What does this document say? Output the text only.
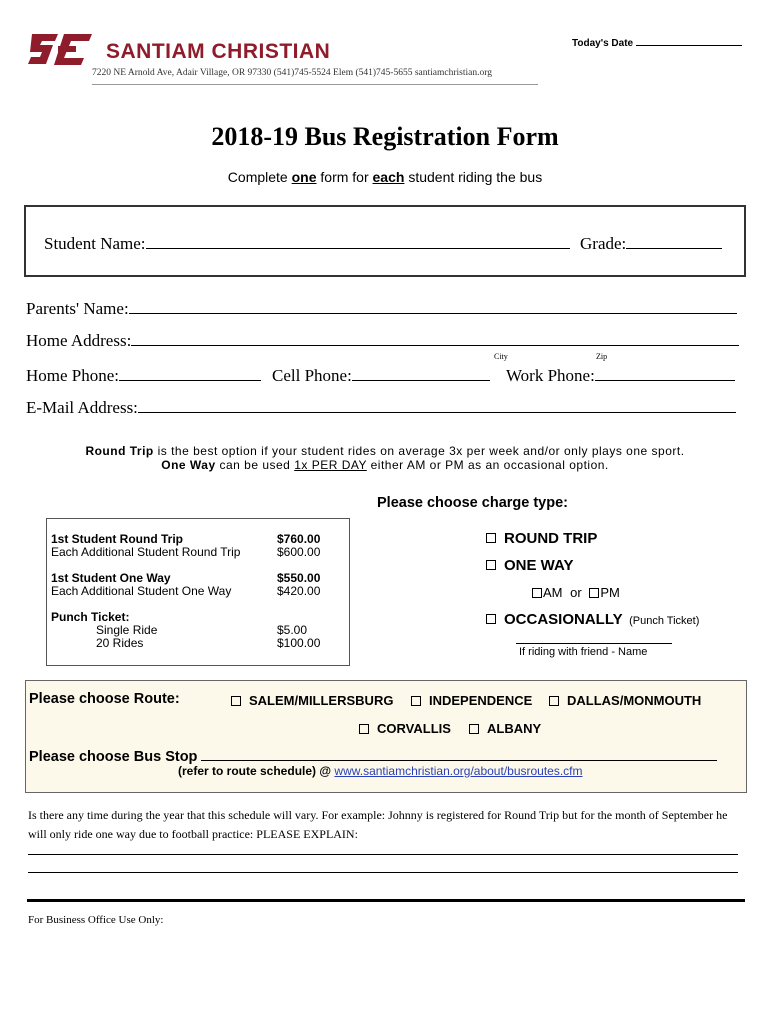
SANTIAM CHRISTIAN
7220 NE Arnold Ave, Adair Village, OR 97330 (541)745-5524 Elem (541)745-5655 santiamchristian.org
Today's Date
2018-19 Bus Registration Form
Complete one form for each student riding the bus
Student Name:	Grade:
Parents' Name:
Home Address:
City	Zip
Home Phone:	Cell Phone:	Work Phone:
E-Mail Address:
Round Trip is the best option if your student rides on average 3x per week and/or only plays one sport.
One Way can be used 1x PER DAY either AM or PM as an occasional option.
Please choose charge type:
1st Student Round Trip	$760.00
Each Additional Student Round Trip	$600.00
1st Student One Way	$550.00
Each Additional Student One Way	$420.00
Punch Ticket:
Single Ride	$5.00
20 Rides	$100.00
ROUND TRIP
ONE WAY
AM or PM
OCCASIONALLY (Punch Ticket)
If riding with friend - Name
Please choose Route:	SALEM/MILLERSBURG	INDEPENDENCE	DALLAS/MONMOUTH
CORVALLIS	ALBANY
Please choose Bus Stop
(refer to route schedule) @ www.santiamchristian.org/about/busroutes.cfm
Is there any time during the year that this schedule will vary. For example: Johnny is registered for Round Trip but for the month of September he will only ride one way due to football practice: PLEASE EXPLAIN:
For Business Office Use Only:
